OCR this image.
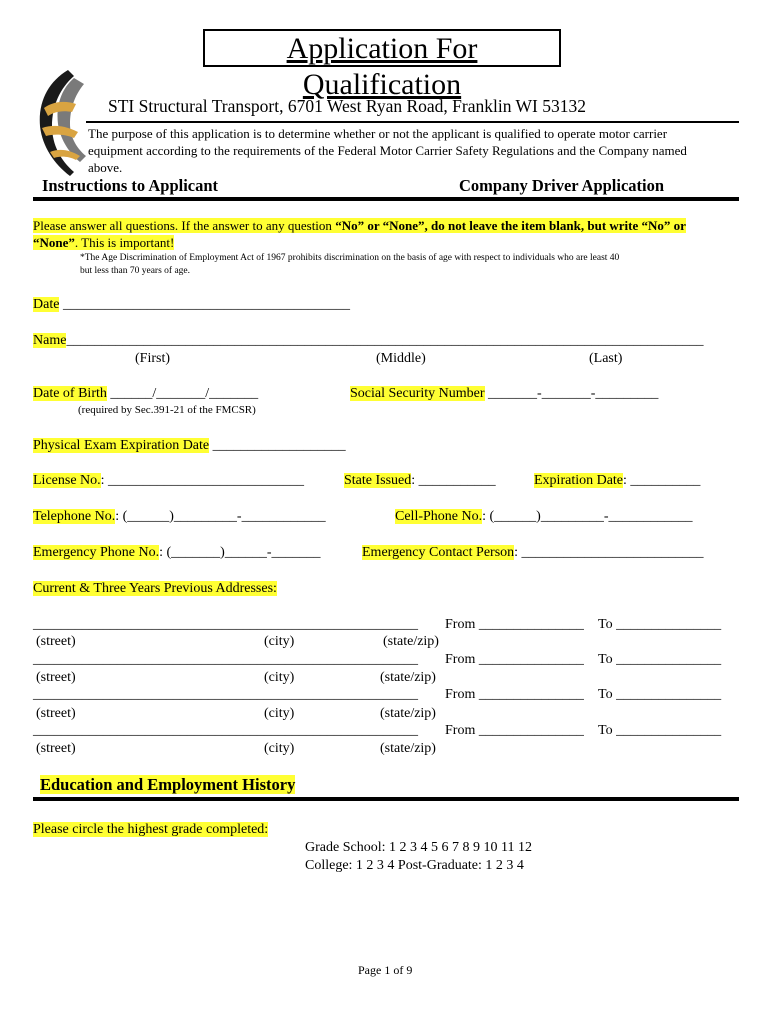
Application For Qualification
STI Structural Transport, 6701 West Ryan Road, Franklin WI 53132
The purpose of this application is to determine whether or not the applicant is qualified to operate motor carrier
equipment according to the requirements of the Federal Motor Carrier Safety Regulations and the Company named
above.
Instructions to Applicant	Company Driver Application
Please answer all questions. If the answer to any question “No” or “None”, do not leave the item blank, but write “No” or
“None”. This is important!
*The Age Discrimination of Employment Act of 1967 prohibits discrimination on the basis of age with respect to individuals who are least 40
but less than 70 years of age.
Date _________________________________________
Name___________________________________________________________________________________________
(First)	(Middle)	(Last)
Date of Birth ______/_______/_______
(required by Sec.391-21 of the FMCSR)
Social Security Number _______-_______-_________
Physical Exam Expiration Date ___________________
License No.: ____________________________	State Issued: ___________	Expiration Date: __________
Telephone No.: (______)_________-____________	Cell-Phone No.: (______)_________-____________
Emergency Phone No.: (_______)______-_______	Emergency Contact Person: __________________________
Current & Three Years Previous Addresses:
_______________________________________________________ From _______________ To _______________
(street)	(city)	(state/zip)
_______________________________________________________ From _______________ To _______________
(street)	(city)	(state/zip)
_______________________________________________________ From _______________ To _______________
(street)	(city)	(state/zip)
_______________________________________________________ From _______________ To _______________
(street)	(city)	(state/zip)
Education and Employment History
Please circle the highest grade completed:
Grade School: 1 2 3 4 5 6 7 8 9 10 11 12
College: 1 2 3 4 Post-Graduate: 1 2 3 4
Page 1 of 9
